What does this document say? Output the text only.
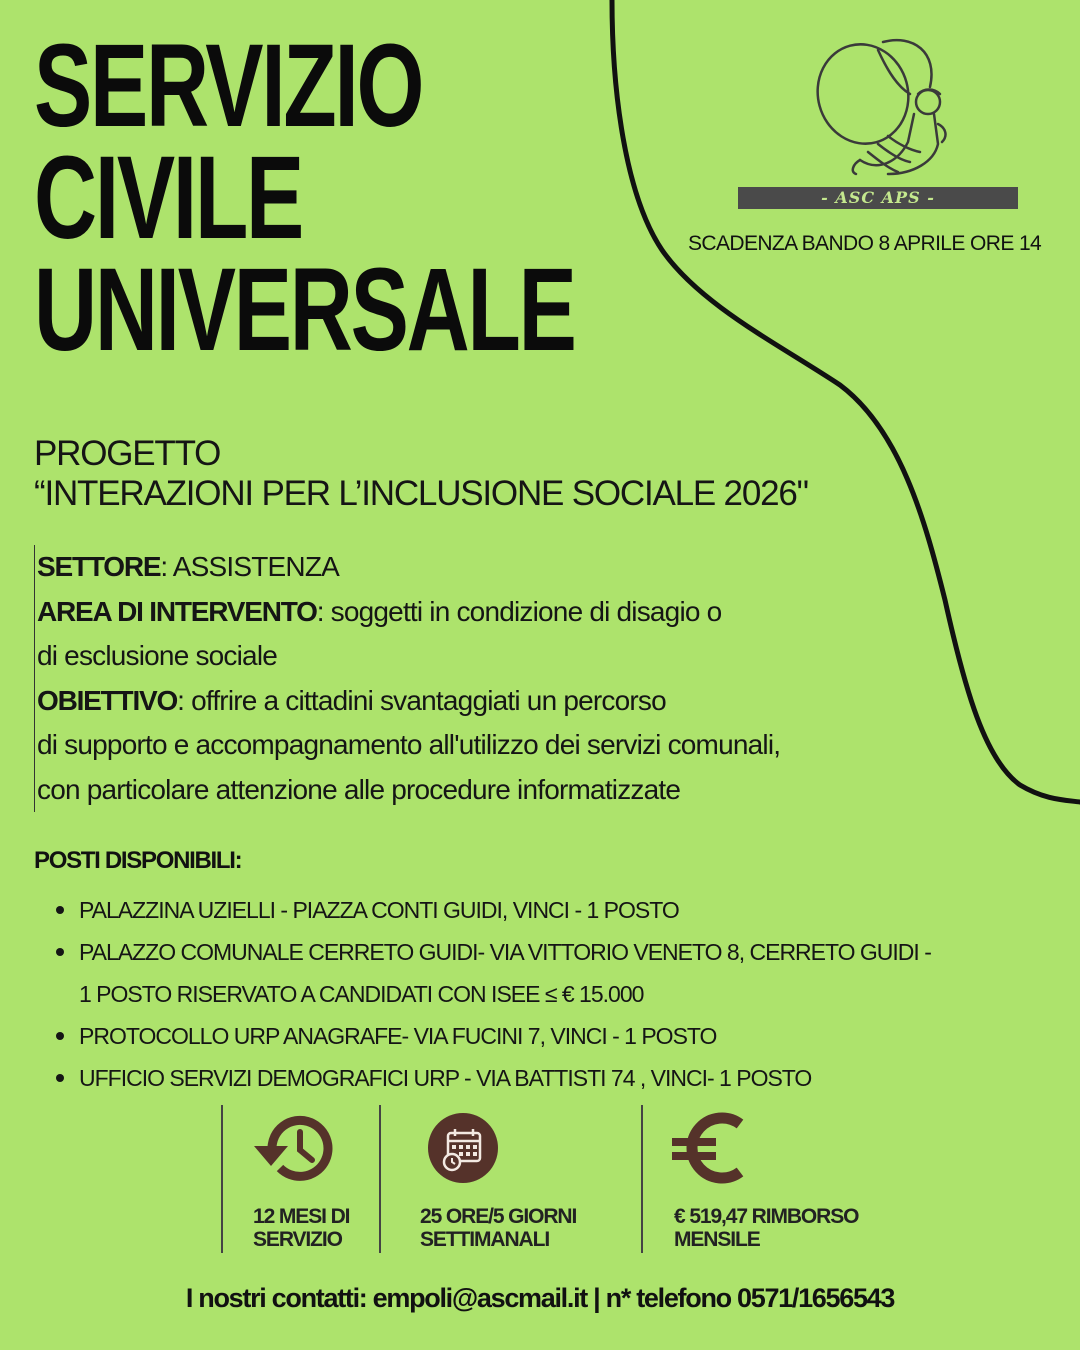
SERVIZIO
CIVILE
UNIVERSALE
- ASC APS -
SCADENZA BANDO 8 APRILE ORE 14
PROGETTO
“INTERAZIONI PER L’INCLUSIONE SOCIALE 2026"
SETTORE: ASSISTENZA
AREA DI INTERVENTO: soggetti in condizione di disagio o
di esclusione sociale
OBIETTIVO: offrire a cittadini svantaggiati un percorso
di supporto e accompagnamento all'utilizzo dei servizi comunali,
con particolare attenzione alle procedure informatizzate
POSTI DISPONIBILI:
PALAZZINA UZIELLI - PIAZZA CONTI GUIDI, VINCI - 1 POSTO
PALAZZO COMUNALE CERRETO GUIDI- VIA VITTORIO VENETO 8, CERRETO GUIDI -
1 POSTO RISERVATO A CANDIDATI CON ISEE ≤ € 15.000
PROTOCOLLO URP ANAGRAFE- VIA FUCINI 7, VINCI - 1 POSTO
UFFICIO SERVIZI DEMOGRAFICI URP - VIA BATTISTI 74 , VINCI- 1 POSTO
12 MESI DI
SERVIZIO
25 ORE/5 GIORNI
SETTIMANALI
€ 519,47 RIMBORSO
MENSILE
I nostri contatti: empoli@ascmail.it | n* telefono 0571/1656543
